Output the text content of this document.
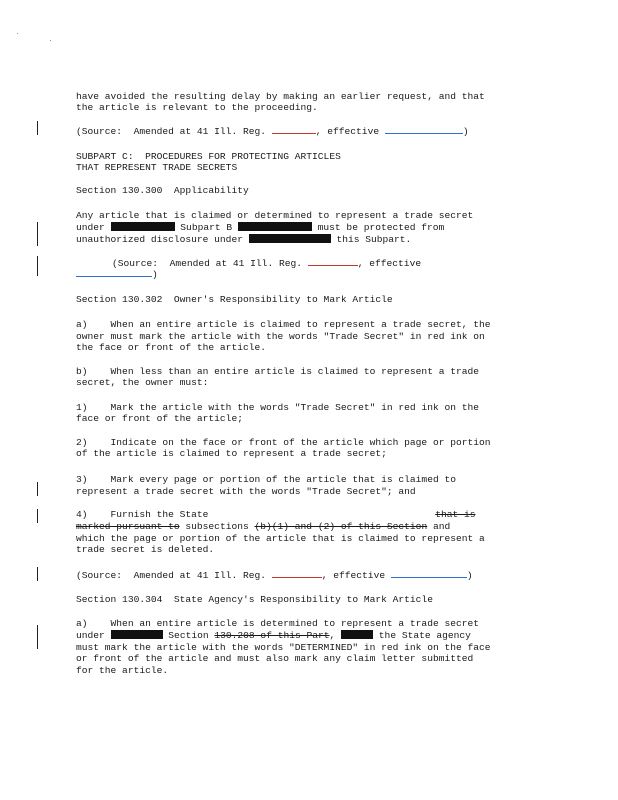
have avoided the resulting delay by making an earlier request, and that
the article is relevant to the proceeding.
(Source:  Amended at 41 Ill. Reg.	, effective	)
SUBPART C:  PROCEDURES FOR PROTECTING ARTICLES
THAT REPRESENT TRADE SECRETS
Section 130.300  Applicability
Any article that is claimed or determined to represent a trade secret
under	Subpart B	must be protected from
unauthorized disclosure under	this Subpart.
(Source:  Amended at 41 Ill. Reg.	, effective
)
Section 130.302  Owner's Responsibility to Mark Article
a)    When an entire article is claimed to represent a trade secret, the
owner must mark the article with the words "Trade Secret" in red ink on
the face or front of the article.
b)    When less than an entire article is claimed to represent a trade
secret, the owner must:
1)    Mark the article with the words "Trade Secret" in red ink on the
face or front of the article;
2)    Indicate on the face or front of the article which page or portion
of the article is claimed to represent a trade secret;
3)    Mark every page or portion of the article that is claimed to
represent a trade secret with the words "Trade Secret"; and
4)    Furnish the State	that is
marked pursuant to subsections (b)(1) and (2) of this Section and
which the page or portion of the article that is claimed to represent a
trade secret is deleted.
(Source:  Amended at 41 Ill. Reg.	, effective	)
Section 130.304  State Agency's Responsibility to Mark Article
a)    When an entire article is determined to represent a trade secret
under	Section 130.208 of this Part,	the State agency
must mark the article with the words "DETERMINED" in red ink on the face
or front of the article and must also mark any claim letter submitted
for the article.
